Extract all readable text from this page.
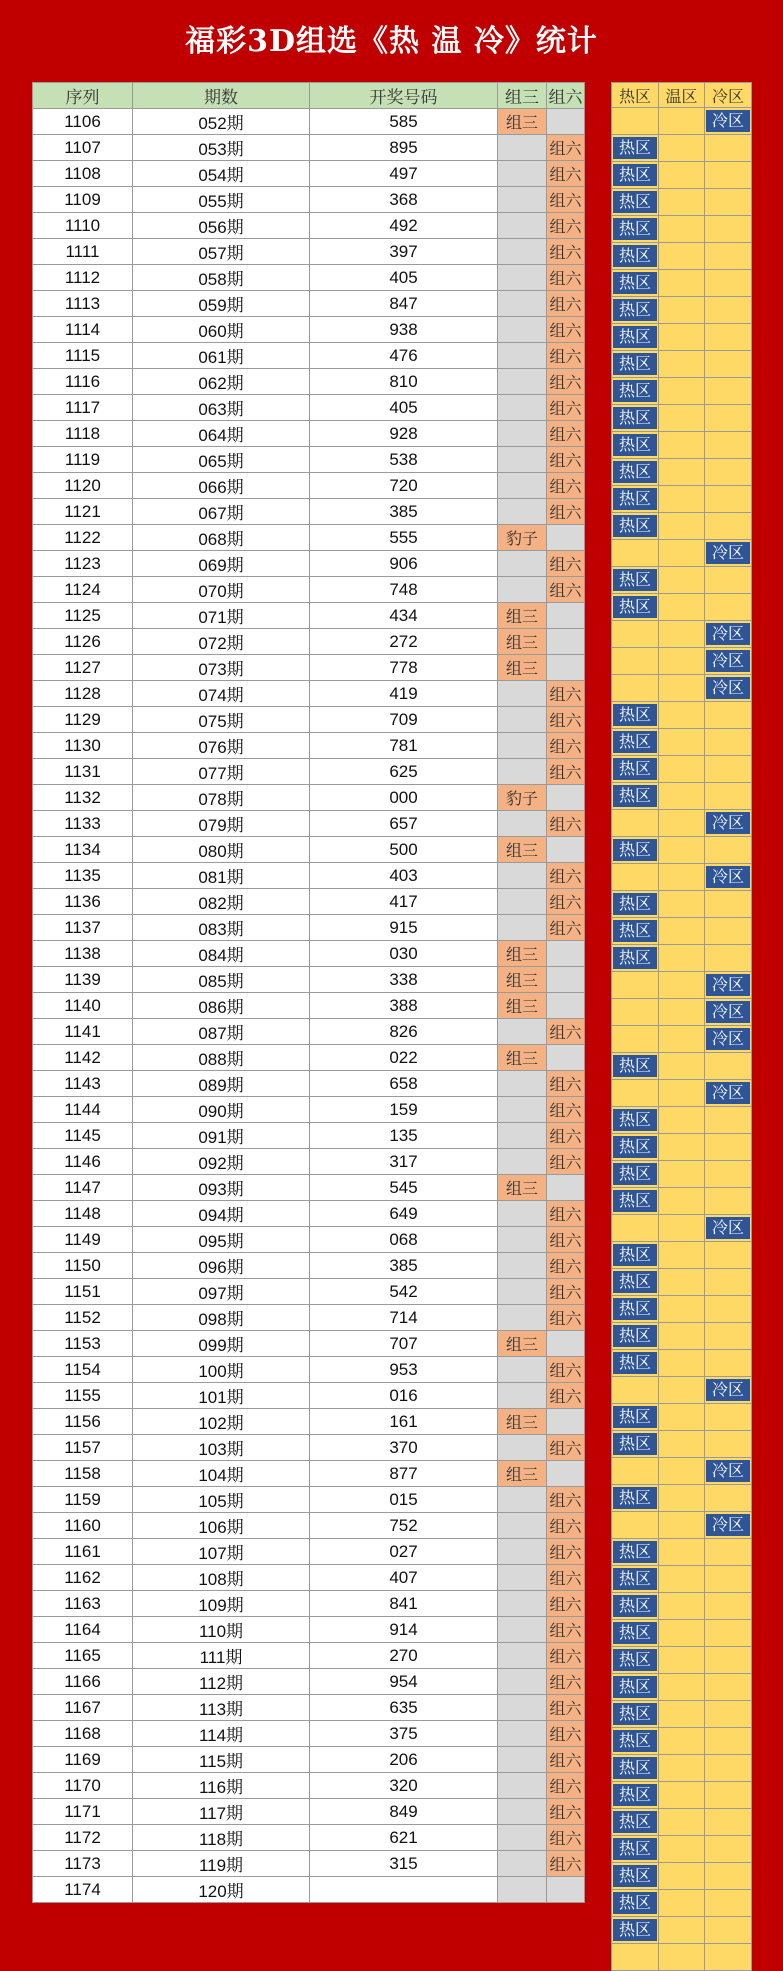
福彩3D组选《热 温 冷》统计
序列	期数	开奖号码	组三	组六
1106	052期	585	组三	
1107	053期	895		组六
1108	054期	497		组六
1109	055期	368		组六
1110	056期	492		组六
1111	057期	397		组六
1112	058期	405		组六
1113	059期	847		组六
1114	060期	938		组六
1115	061期	476		组六
1116	062期	810		组六
1117	063期	405		组六
1118	064期	928		组六
1119	065期	538		组六
1120	066期	720		组六
1121	067期	385		组六
1122	068期	555	豹子	
1123	069期	906		组六
1124	070期	748		组六
1125	071期	434	组三	
1126	072期	272	组三	
1127	073期	778	组三	
1128	074期	419		组六
1129	075期	709		组六
1130	076期	781		组六
1131	077期	625		组六
1132	078期	000	豹子	
1133	079期	657		组六
1134	080期	500	组三	
1135	081期	403		组六
1136	082期	417		组六
1137	083期	915		组六
1138	084期	030	组三	
1139	085期	338	组三	
1140	086期	388	组三	
1141	087期	826		组六
1142	088期	022	组三	
1143	089期	658		组六
1144	090期	159		组六
1145	091期	135		组六
1146	092期	317		组六
1147	093期	545	组三	
1148	094期	649		组六
1149	095期	068		组六
1150	096期	385		组六
1151	097期	542		组六
1152	098期	714		组六
1153	099期	707	组三	
1154	100期	953		组六
1155	101期	016		组六
1156	102期	161	组三	
1157	103期	370		组六
1158	104期	877	组三	
1159	105期	015		组六
1160	106期	752		组六
1161	107期	027		组六
1162	108期	407		组六
1163	109期	841		组六
1164	110期	914		组六
1165	111期	270		组六
1166	112期	954		组六
1167	113期	635		组六
1168	114期	375		组六
1169	115期	206		组六
1170	116期	320		组六
1171	117期	849		组六
1172	118期	621		组六
1173	119期	315		组六
1174	120期			
热区	温区	冷区

		冷区

热区		

热区		

热区		

热区		

热区		

热区		

热区		

热区		

热区		

热区		

热区		

热区		

热区		

热区		

热区		

		冷区

热区		

热区		

		冷区

		冷区

		冷区

热区		

热区		

热区		

热区		

		冷区

热区		

		冷区

热区		

热区		

热区		

		冷区

		冷区

		冷区

热区		

		冷区

热区		

热区		

热区		

热区		

		冷区

热区		

热区		

热区		

热区		

热区		

		冷区

热区		

热区		

		冷区

热区		

		冷区

热区		

热区		

热区		

热区		

热区		

热区		

热区		

热区		

热区		

热区		

热区		

热区		

热区		

热区		

热区		
